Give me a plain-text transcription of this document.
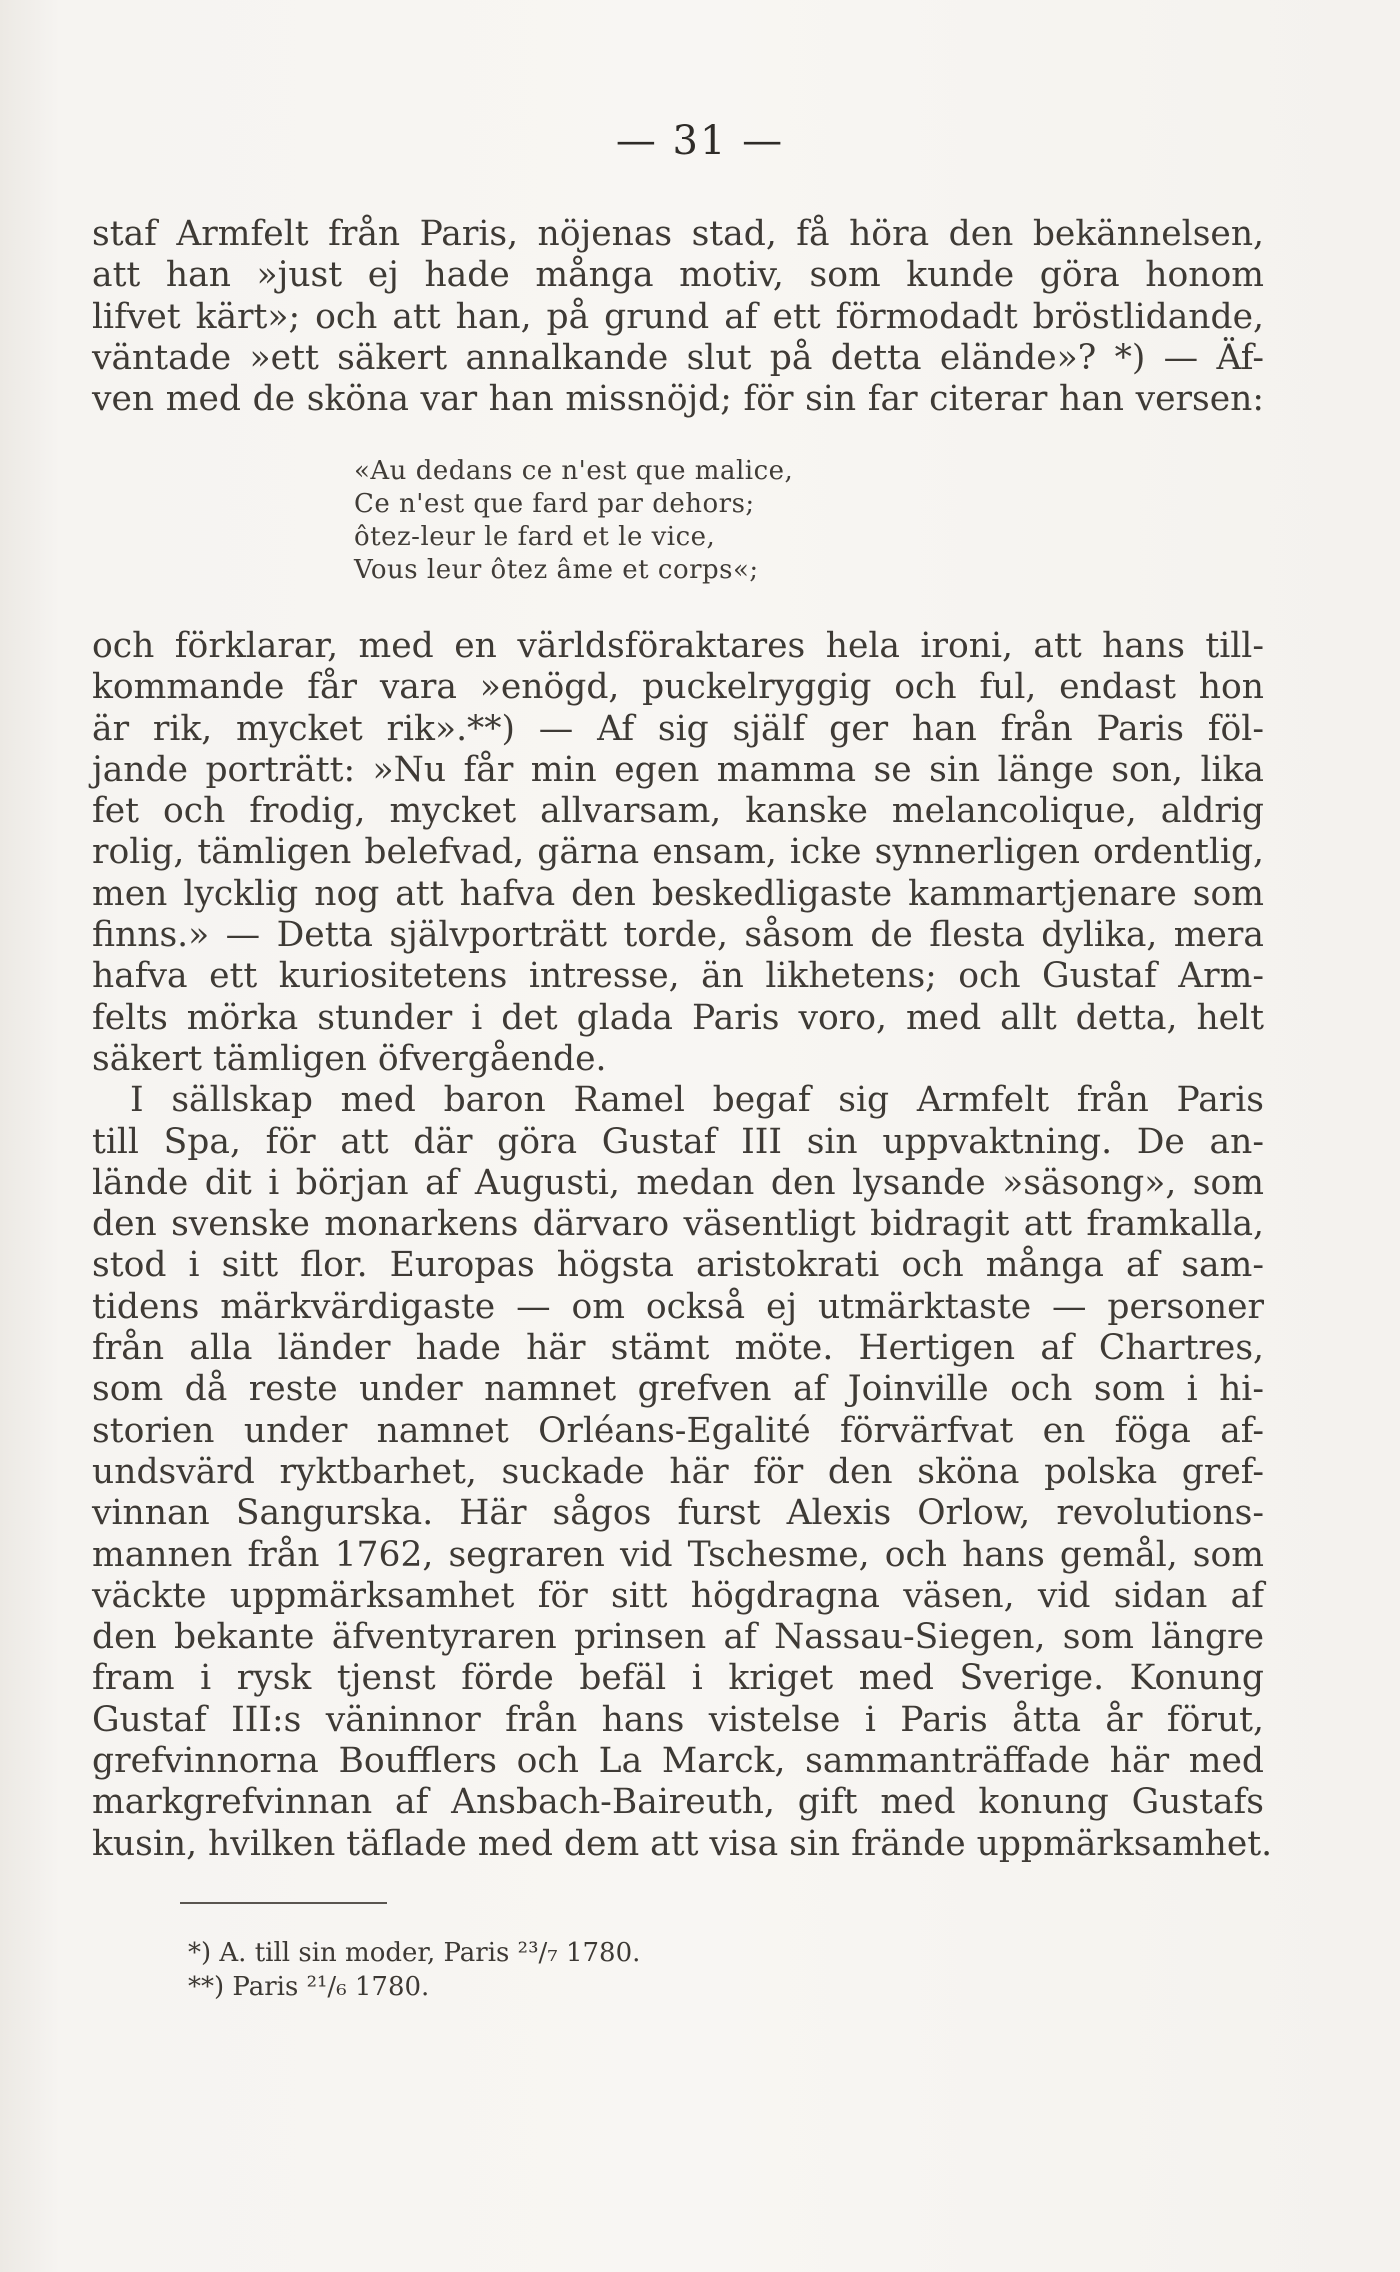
— 31 —
staf Armfelt från Paris, nöjenas stad, få höra den bekännelsen,
att han »just ej hade många motiv, som kunde göra honom
lifvet kärt»; och att han, på grund af ett förmodadt bröstlidande,
väntade »ett säkert annalkande slut på detta elände»? *) — Äf-
ven med de sköna var han missnöjd; för sin far citerar han versen:
«Au dedans ce n'est que malice,
Ce n'est que fard par dehors;
ôtez-leur le fard et le vice,
Vous leur ôtez âme et corps«;
och förklarar, med en världsföraktares hela ironi, att hans till-
kommande får vara »enögd, puckelryggig och ful, endast hon
är rik, mycket rik».**) — Af sig själf ger han från Paris föl-
jande porträtt: »Nu får min egen mamma se sin länge son, lika
fet och frodig, mycket allvarsam, kanske melancolique, aldrig
rolig, tämligen belefvad, gärna ensam, icke synnerligen ordentlig,
men lycklig nog att hafva den beskedligaste kammartjenare som
finns.» — Detta självporträtt torde, såsom de flesta dylika, mera
hafva ett kuriositetens intresse, än likhetens; och Gustaf Arm-
felts mörka stunder i det glada Paris voro, med allt detta, helt
säkert tämligen öfvergående.
I sällskap med baron Ramel begaf sig Armfelt från Paris
till Spa, för att där göra Gustaf III sin uppvaktning. De an-
lände dit i början af Augusti, medan den lysande »säsong», som
den svenske monarkens därvaro väsentligt bidragit att framkalla,
stod i sitt flor. Europas högsta aristokrati och många af sam-
tidens märkvärdigaste — om också ej utmärktaste — personer
från alla länder hade här stämt möte. Hertigen af Chartres,
som då reste under namnet grefven af Joinville och som i hi-
storien under namnet Orléans-Egalité förvärfvat en föga af-
undsvärd ryktbarhet, suckade här för den sköna polska gref-
vinnan Sangurska. Här sågos furst Alexis Orlow, revolutions-
mannen från 1762, segraren vid Tschesme, och hans gemål, som
väckte uppmärksamhet för sitt högdragna väsen, vid sidan af
den bekante äfventyraren prinsen af Nassau-Siegen, som längre
fram i rysk tjenst förde befäl i kriget med Sverige. Konung
Gustaf III:s väninnor från hans vistelse i Paris åtta år förut,
grefvinnorna Boufflers och La Marck, sammanträffade här med
markgrefvinnan af Ansbach-Baireuth, gift med konung Gustafs
kusin, hvilken täflade med dem att visa sin frände uppmärksamhet.
*) A. till sin moder, Paris ²³/₇ 1780.
**) Paris ²¹/₆ 1780.
